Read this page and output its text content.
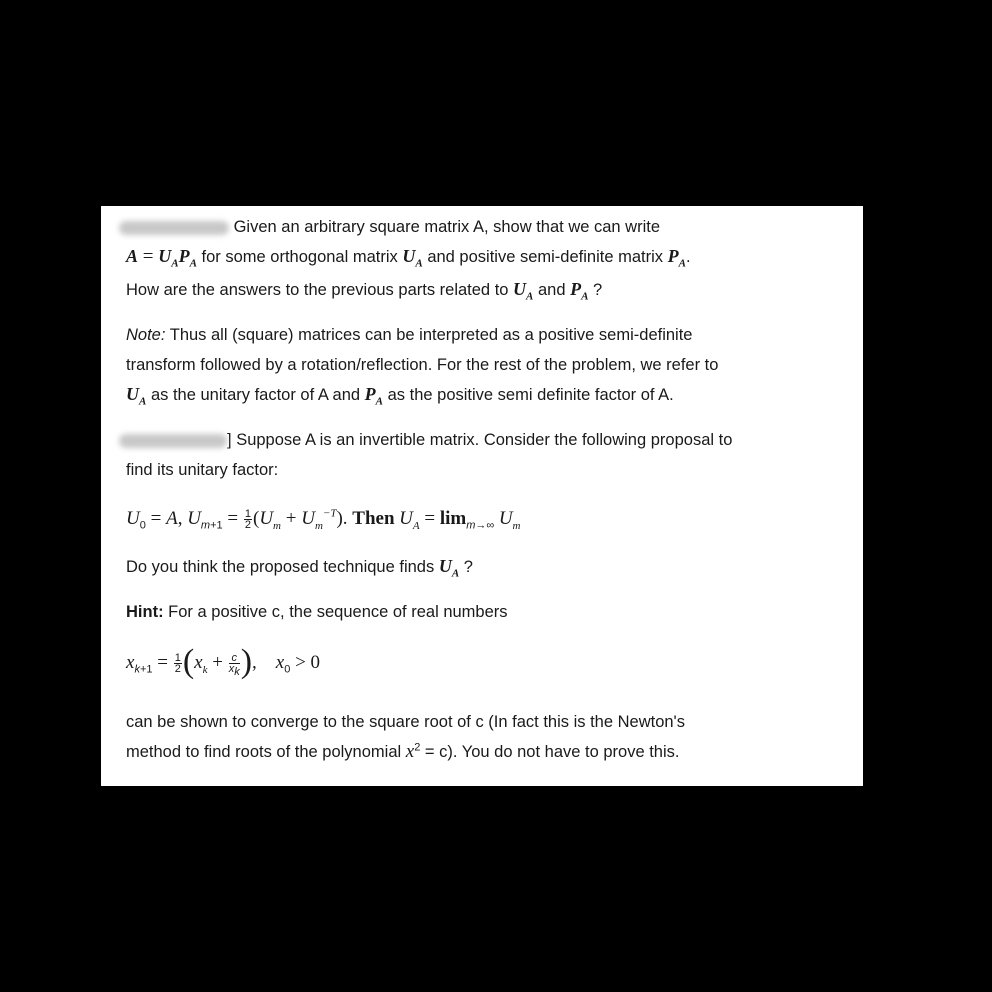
Given an arbitrary square matrix A, show that we can write
$A = U_AP_A$ for some orthogonal matrix $U_A$ and positive semi-definite matrix $P_A$.
How are the answers to the previous parts related to $U_A$ and $P_A$ ?
Note: Thus all (square) matrices can be interpreted as a positive semi-definite
transform followed by a rotation/reflection. For the rest of the problem, we refer to
$U_A$ as the unitary factor of A and $P_A$ as the positive semi definite factor of A.
] Suppose A is an invertible matrix. Consider the following proposal to
find its unitary factor:
$U_0 = A$, $U_{m+1} = \frac{1}{2} (U_m + U_m^{-T})$. Then $U_A = \lim_{m\to\infty} U_m$
Do you think the proposed technique finds $U_A$ ?
Hint: For a positive c, the sequence of real numbers
$x_{k+1} = \frac{1}{2} (x_k + \frac{c}{x_k}$ ),    $x_0 > 0$
can be shown to converge to the square root of c (In fact this is the Newton's
method to find roots of the polynomial $x^2 = c$). You do not have to prove this.
